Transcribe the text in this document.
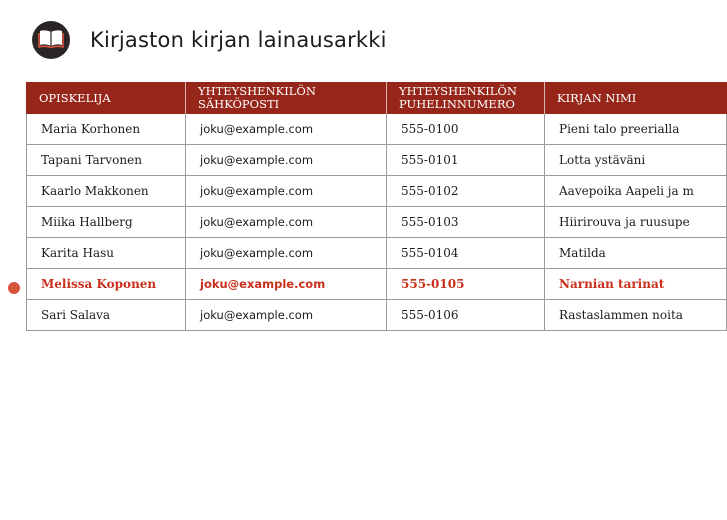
Kirjaston kirjan lainausarkki
OPISKELIJA	YHTEYSHENKILÖN SÄHKÖPOSTI	YHTEYSHENKILÖN PUHELINNUMERO	KIRJAN NIMI
Maria Korhonen	joku@example.com	555-0100	Pieni talo preerialla
Tapani Tarvonen	joku@example.com	555-0101	Lotta ystäväni
Kaarlo Makkonen	joku@example.com	555-0102	Aavepoika Aapeli ja m
Miika Hallberg	joku@example.com	555-0103	Hiirirouva ja ruusupe
Karita Hasu	joku@example.com	555-0104	Matilda
Melissa Koponen	joku@example.com	555-0105	Narnian tarinat
Sari Salava	joku@example.com	555-0106	Rastaslammen noita
